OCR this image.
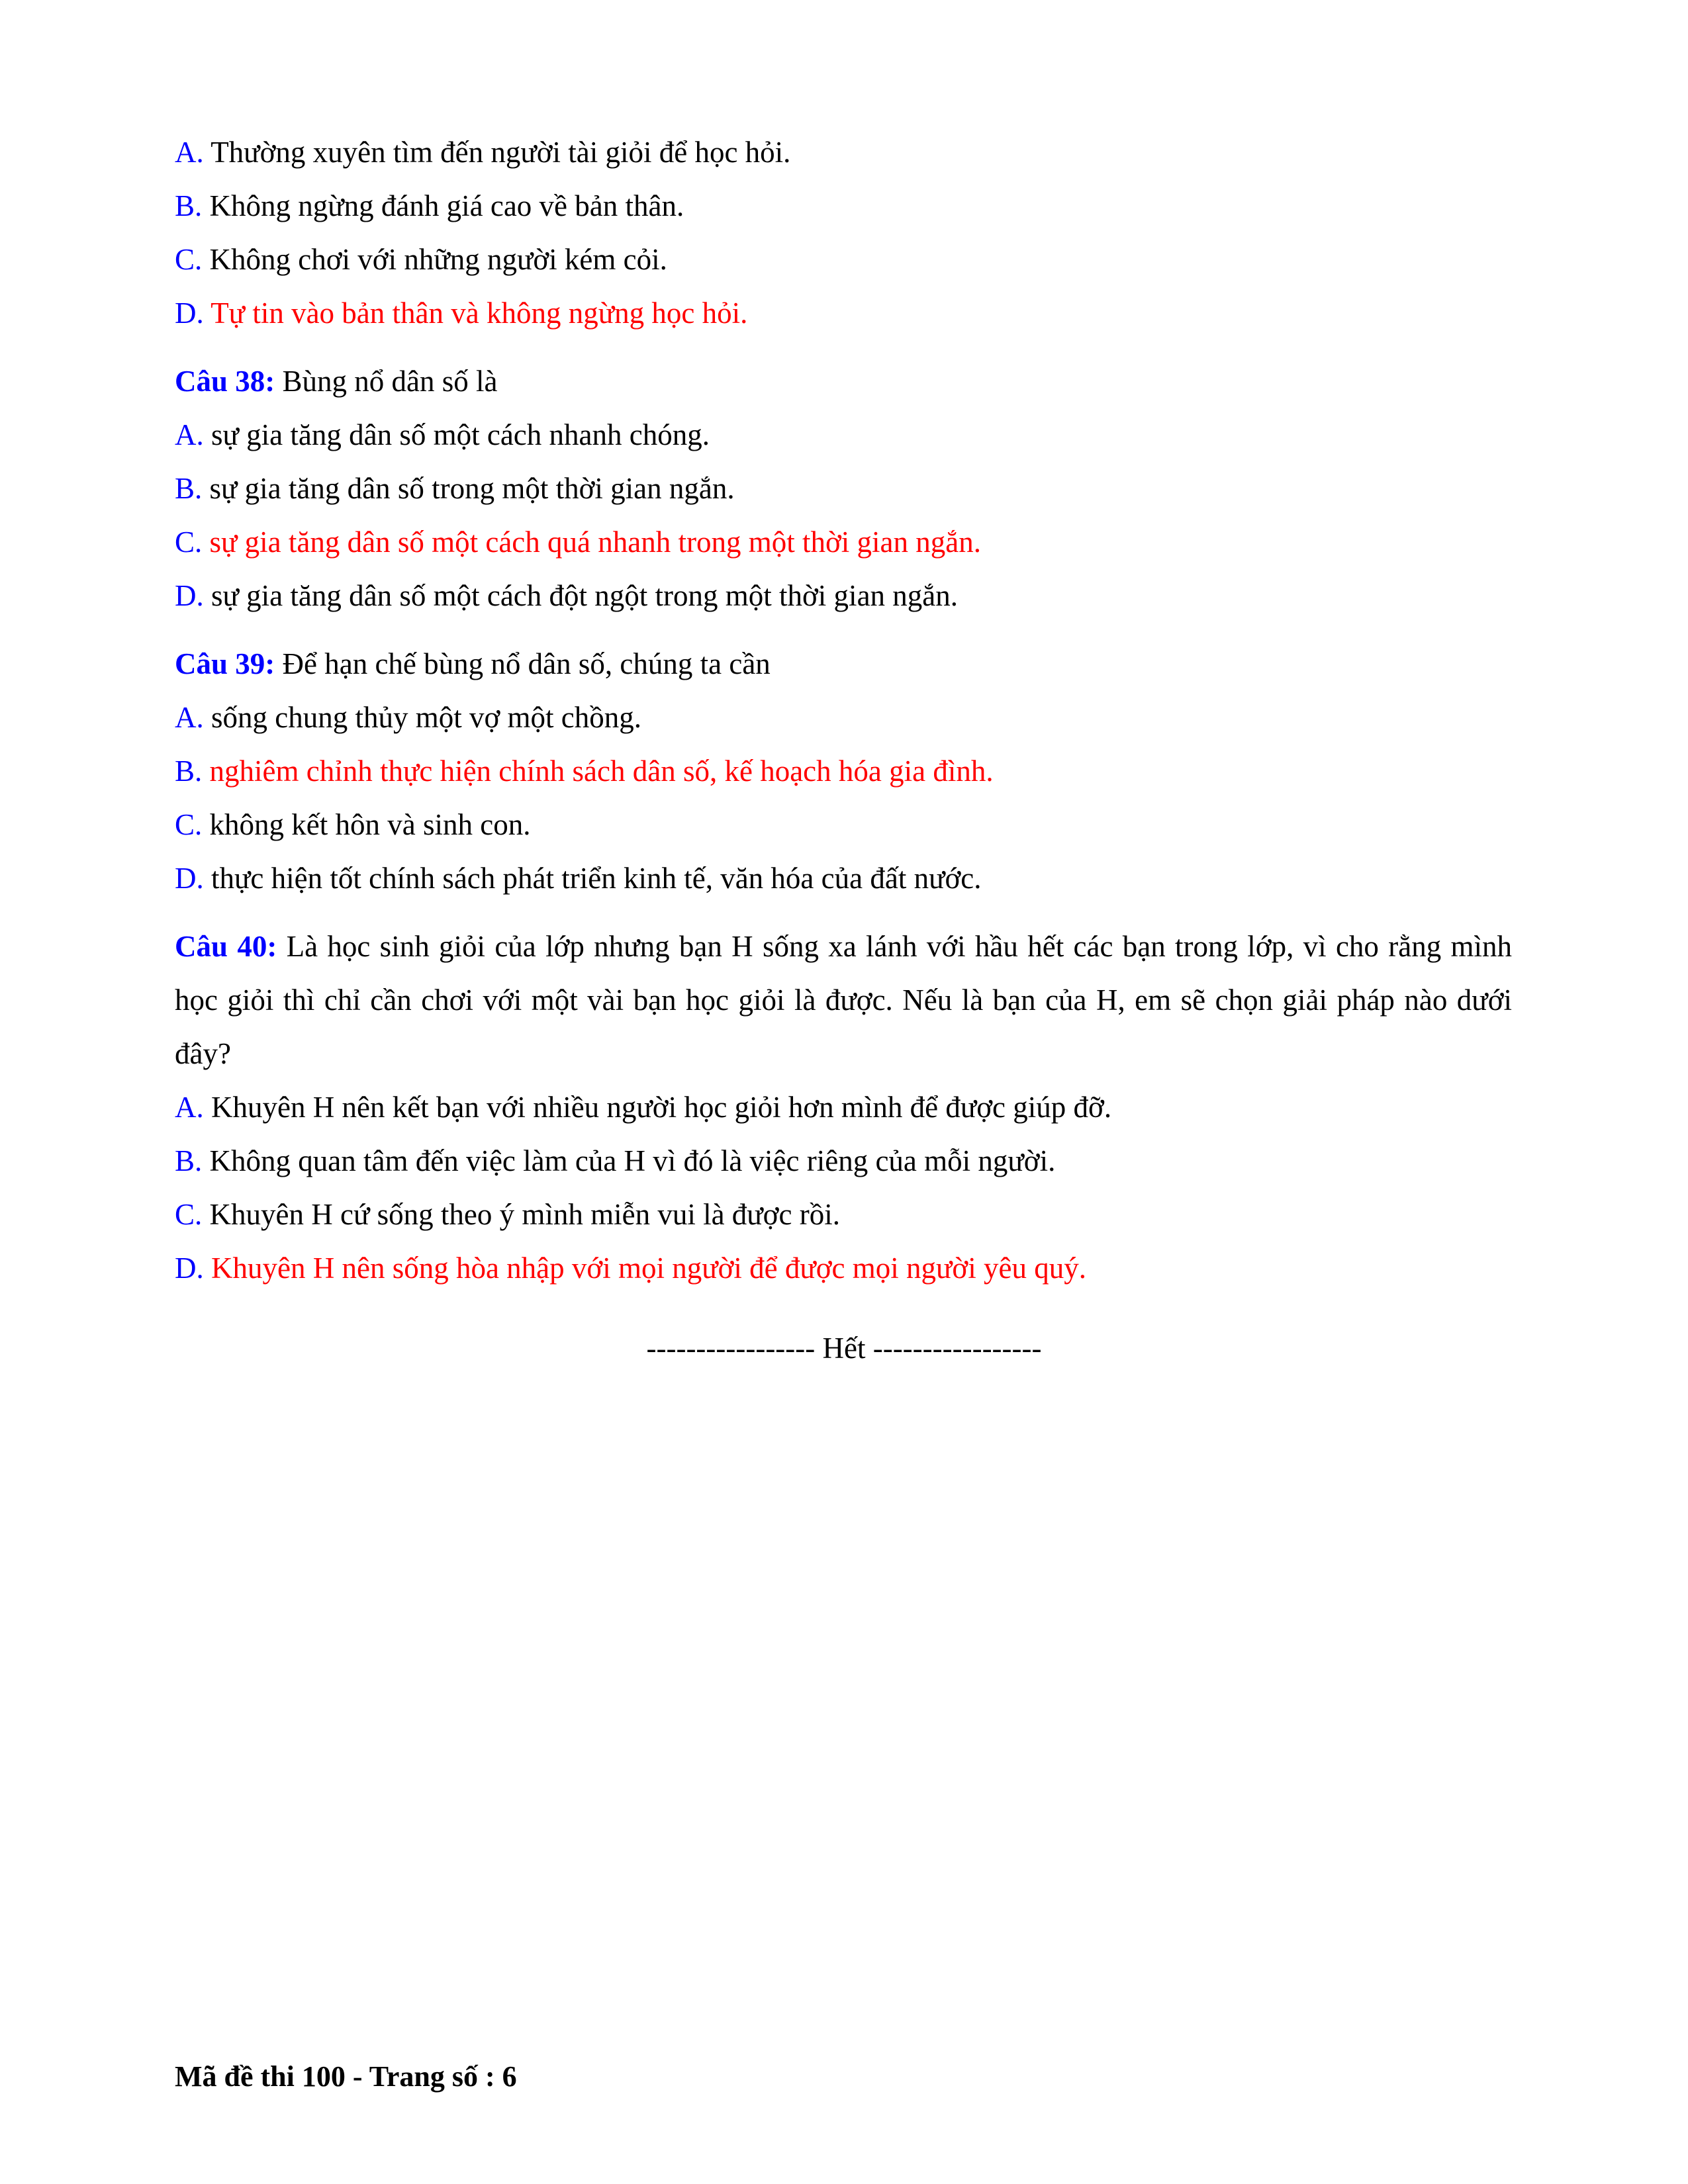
A. Thường xuyên tìm đến người tài giỏi để học hỏi.
B. Không ngừng đánh giá cao về bản thân.
C. Không chơi với những người kém cỏi.
D. Tự tin vào bản thân và không ngừng học hỏi.
Câu 38: Bùng nổ dân số là
A. sự gia tăng dân số một cách nhanh chóng.
B. sự gia tăng dân số trong một thời gian ngắn.
C. sự gia tăng dân số một cách quá nhanh trong một thời gian ngắn.
D. sự gia tăng dân số một cách đột ngột trong một thời gian ngắn.
Câu 39: Để hạn chế bùng nổ dân số, chúng ta cần
A. sống chung thủy một vợ một chồng.
B. nghiêm chỉnh thực hiện chính sách dân số, kế hoạch hóa gia đình.
C. không kết hôn và sinh con.
D. thực hiện tốt chính sách phát triển kinh tế, văn hóa của đất nước.
Câu 40: Là học sinh giỏi của lớp nhưng bạn H sống xa lánh với hầu hết các bạn trong lớp, vì cho rằng mình học giỏi thì chỉ cần chơi với một vài bạn học giỏi là được. Nếu là bạn của H, em sẽ chọn giải pháp nào dưới đây?
A. Khuyên H nên kết bạn với nhiều người học giỏi hơn mình để được giúp đỡ.
B. Không quan tâm đến việc làm của H vì đó là việc riêng của mỗi người.
C. Khuyên H cứ sống theo ý mình miễn vui là được rồi.
D. Khuyên H nên sống hòa nhập với mọi người để được mọi người yêu quý.
----------------- Hết -----------------
Mã đề thi 100 - Trang số : 6
